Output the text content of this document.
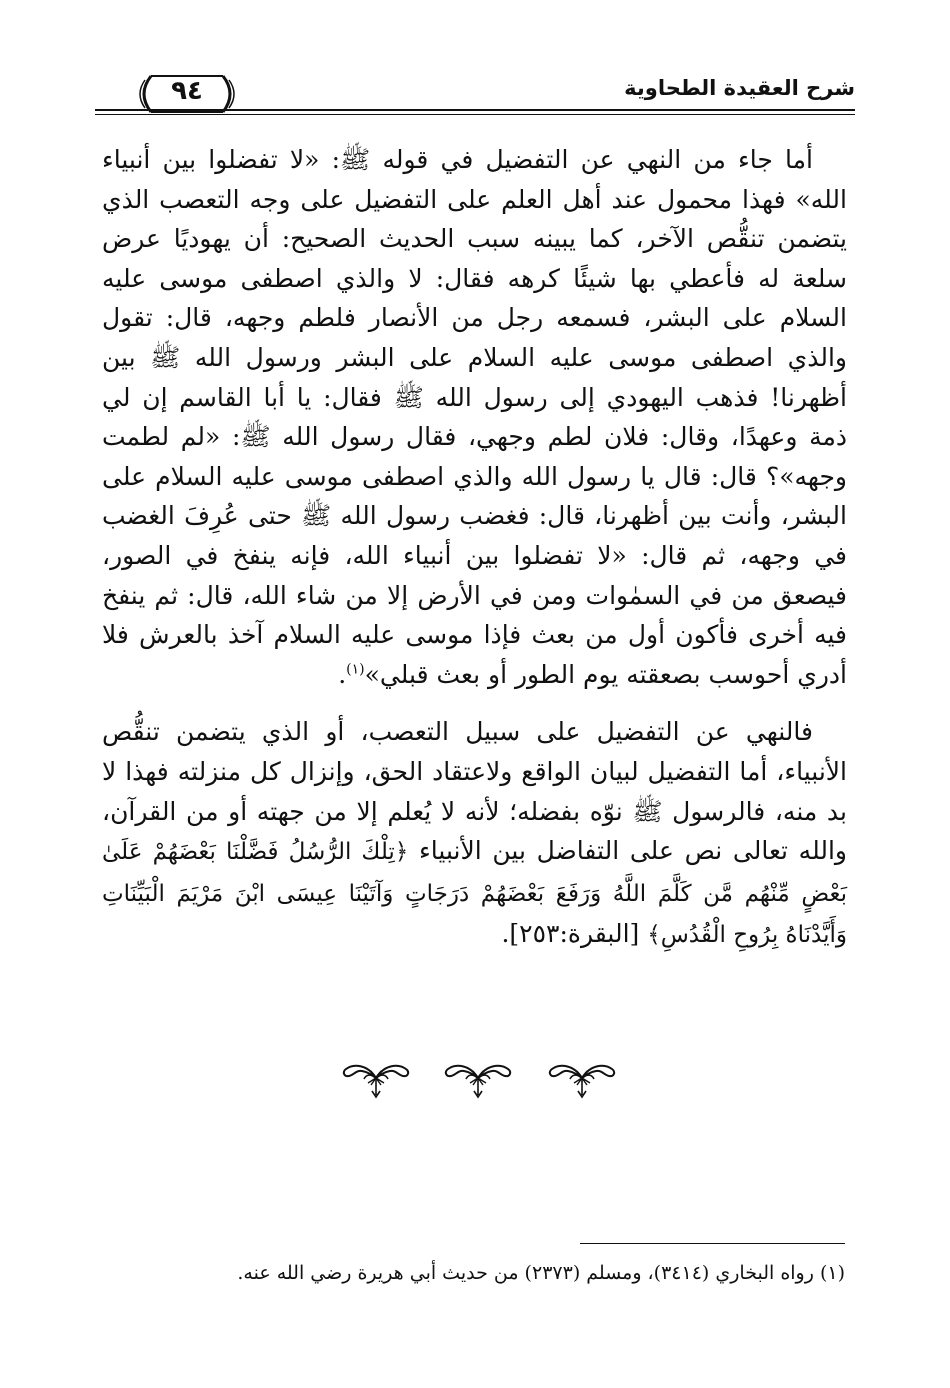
شرح العقيدة الطحاوية
٩٤

أما جاء من النهي عن التفضيل في قوله ﷺ: «لا تفضلوا بين أنبياء الله» فهذا محمول عند أهل العلم على التفضيل على وجه التعصب الذي يتضمن تنقُّص الآخر، كما يبينه سبب الحديث الصحيح: أن يهوديًا عرض سلعة له فأعطي بها شيئًا كرهه فقال: لا والذي اصطفى موسى عليه السلام على البشر، فسمعه رجل من الأنصار فلطم وجهه، قال: تقول والذي اصطفى موسى عليه السلام على البشر ورسول الله ﷺ بين أظهرنا! فذهب اليهودي إلى رسول الله ﷺ فقال: يا أبا القاسم إن لي ذمة وعهدًا، وقال: فلان لطم وجهي، فقال رسول الله ﷺ: «لم لطمت وجهه»؟ قال: قال يا رسول الله والذي اصطفى موسى عليه السلام على البشر، وأنت بين أظهرنا، قال: فغضب رسول الله ﷺ حتى عُرِفَ الغضب في وجهه، ثم قال: «لا تفضلوا بين أنبياء الله، فإنه ينفخ في الصور، فيصعق من في السمٰوات ومن في الأرض إلا من شاء الله، قال: ثم ينفخ فيه أخرى فأكون أول من بعث فإذا موسى عليه السلام آخذ بالعرش فلا أدري أحوسب بصعقته يوم الطور أو بعث قبلي»$^{(١)}$.

فالنهي عن التفضيل على سبيل التعصب، أو الذي يتضمن تنقُّص الأنبياء، أما التفضيل لبيان الواقع ولاعتقاد الحق، وإنزال كل منزلته فهذا لا بد منه، فالرسول ﷺ نوّه بفضله؛ لأنه لا يُعلم إلا من جهته أو من القرآن، والله تعالى نص على التفاضل بين الأنبياء ﴿تِلْكَ الرُّسُلُ فَضَّلْنَا بَعْضَهُمْ عَلَىٰ بَعْضٍ مِّنْهُم مَّن كَلَّمَ اللَّهُ وَرَفَعَ بَعْضَهُمْ دَرَجَاتٍ وَآتَيْنَا عِيسَى ابْنَ مَرْيَمَ الْبَيِّنَاتِ وَأَيَّدْنَاهُ بِرُوحِ الْقُدُسِ﴾ [البقرة:٢٥٣].

(١) رواه البخاري (٣٤١٤)، ومسلم (٢٣٧٣) من حديث أبي هريرة رضي الله عنه.
